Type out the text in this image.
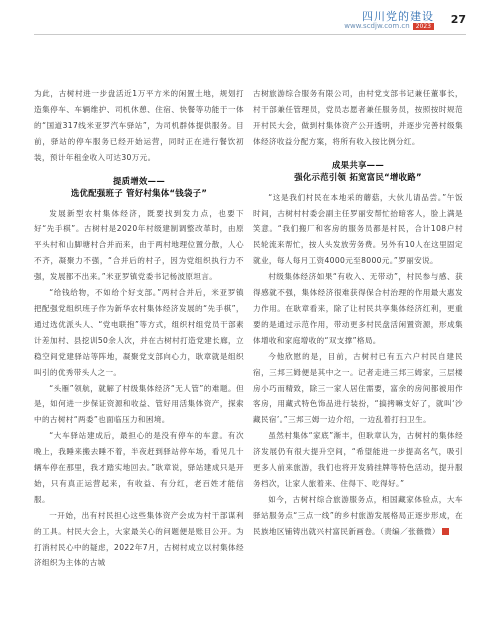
四川党的建设
www.scdjw.com.cn 2023
27

为此，古树村进一步盘活近1万平方米的闲置土地，规划打造集停车、车辆维护、司机休憩、住宿、快餐等功能于一体的“国道317线米亚罗汽车驿站”，为司机群体提供服务。目前，驿站的停车服务已经开始运营，同时正在进行餐饮初装，预计年租金收入可达30万元。

提质增效——
选优配强班子 管好村集体“钱袋子”

发展新型农村集体经济，既要找到发力点，也要下好“先手棋”。古树村是2020年村级建制调整改革时，由原平头村和山脚塘村合并而来，由于两村地理位置分散，人心不齐，凝聚力不强，“合并后的村子，因为党组织执行力不强，发展都不出来。”米亚罗镇党委书记杨波原坦言。

“给钱给物，不如给个好支部。”两村合并后，米亚罗镇把配强党组织班子作为新华农村集体经济发展的“先手棋”，通过选优派头人、“党电联抱”等方式，组织村组党员干部素计差加村、县挖训50余人次，并在古树村打造党建长廊，立稳空间党建驿站等阵地，凝聚党支部向心力，耿章就是组织叫引的优秀带头人之一。

“头雁”领航，就解了村级集体经济“无人管”的难题。但是，如何进一步保证资源和收益、管好用活集体资产，探索中的古树村“两委”也面临压力和困境。

“大车驿站建成后，最担心的是没有停车的车意。有次晚上，我睡来搬去睡不着，半夜赶到驿站停车场，看见几十辆车停在那里，我才踏实地回去。”耿章说，驿站建成只是开始，只有真正运营起来，有收益、有分红，老百姓才能信服。

一开始，出有村民担心这些集体资产会成为村干部谋利的工具。村民大会上，大家最关心的问题便是账目公开。为打消村民心中的疑虑，2022年7月，古树村成立以村集体经济组织为主体的古城

古树旅游综合服务有限公司，由村党支部书记兼任董事长，村干部兼任管理员，党员志愿者兼任服务员，按照按时规范开村民大会，做到村集体资产公开透明，并逐步完善村级集体经济收益分配方案，将所有收入按比例分红。

成果共享——
强化示范引领 拓宽富民“增收路”

“这是我们村民在本地采的蘑菇，大伙儿请品尝。”午饭时间，古树村村委会副主任罗丽安帮忙抬暗客人，脸上满是笑意。“我们搬厂和客房的服务员都是村民，合计108户村民轮流来帮忙，按人头发放劳务费。另外有10人在这里固定就业，每人每月工资4000元至8000元。”罗丽安说。

村级集体经济如果“有收入、无带动”，村民参与感、获得感就不强，集体经济很难获得保合村治理的作用最大惠发力作用。在耿章看来，除了让村民共享集体经济红利，更重要的是通过示范作用，带动更多村民盘活闲置资源，形成集体增收和家庭增收的“双支撑”格局。

今他欣慰的是，目前，古树村已有五六户村民自建民宿，三邦三姆便是其中之一。记者走进三邦三姆家，三层楼房小巧而精致，除三一家人居住需要，富余的房间都被用作客房，用藏式特色饰品进行装扮，“搞拷嘛支好了，就叫‘沙藏民宿’。”三邦三姆一边介绍，一边乱着打扫卫生。

虽然村集体“家底”渐丰，但耿章认为，古树村的集体经济发展仍有很大提升空间，“希望能进一步提高名气，吸引更多人前来旅游，我们也将开发骑挂牌等特色活动，提升服务档次，让家人旅着来、住得下、吃得好。”

如今，古树村综合旅游服务点，相国藏家体验点，大车驿站服务点“三点一线”的乡村旅游发展格局正逐步形成，在民族地区铺铸出就兴村富民新画卷。（责编／张薇微）
